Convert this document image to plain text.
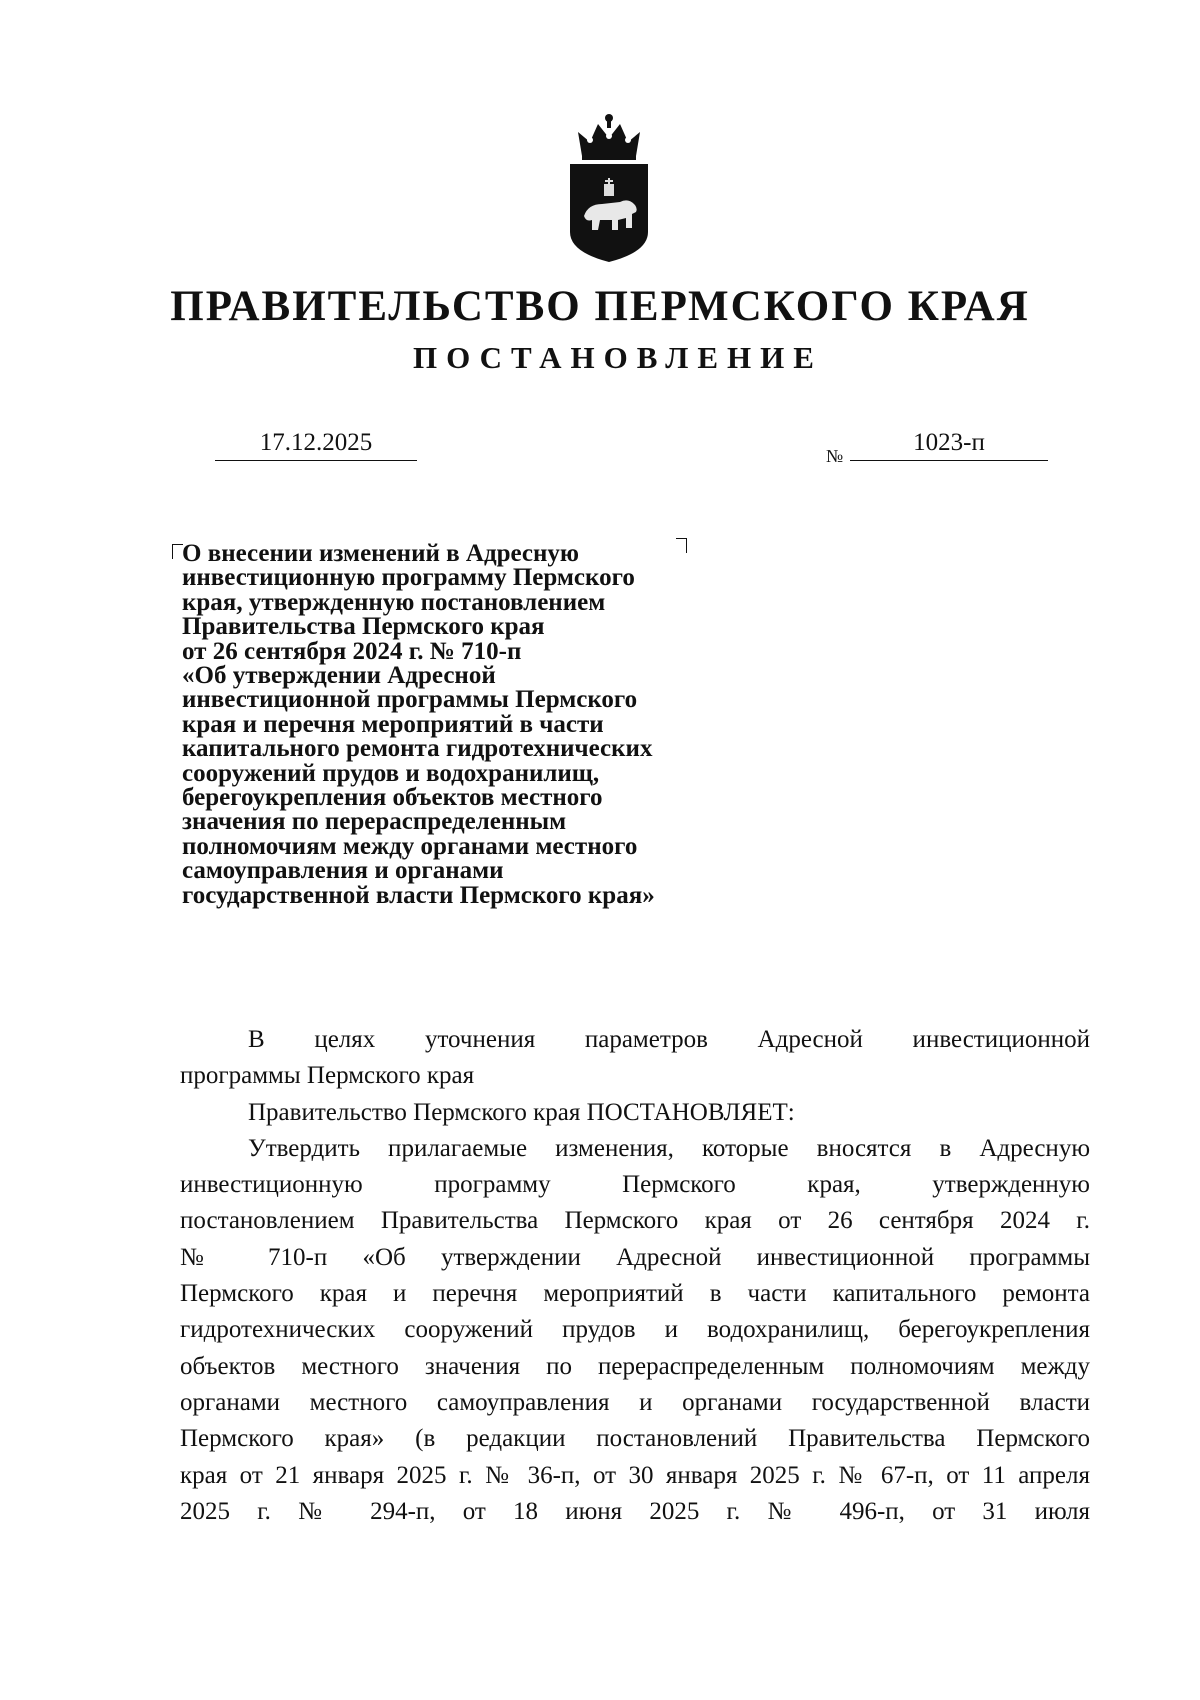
ПРАВИТЕЛЬСТВО ПЕРМСКОГО КРАЯ
ПОСТАНОВЛЕНИЕ
17.12.2025	№	1023-п
О внесении изменений в Адресную
инвестиционную программу Пермского
края, утвержденную постановлением
Правительства Пермского края
от 26 сентября 2024 г. № 710-п
«Об утверждении Адресной
инвестиционной программы Пермского
края и перечня мероприятий в части
капитального ремонта гидротехнических
сооружений прудов и водохранилищ,
берегоукрепления объектов местного
значения по перераспределенным
полномочиям между органами местного
самоуправления и органами
государственной власти Пермского края»
В целях уточнения параметров Адресной инвестиционной
программы Пермского края
Правительство Пермского края ПОСТАНОВЛЯЕТ:
Утвердить прилагаемые изменения, которые вносятся в Адресную
инвестиционную программу Пермского края, утвержденную
постановлением Правительства Пермского края от 26 сентября 2024 г.
№ 710-п «Об утверждении Адресной инвестиционной программы
Пермского края и перечня мероприятий в части капитального ремонта
гидротехнических сооружений прудов и водохранилищ, берегоукрепления
объектов местного значения по перераспределенным полномочиям между
органами местного самоуправления и органами государственной власти
Пермского края» (в редакции постановлений Правительства Пермского
края от 21 января 2025 г. № 36-п, от 30 января 2025 г. № 67-п, от 11 апреля
2025 г. № 294-п, от 18 июня 2025 г. № 496-п, от 31 июля
